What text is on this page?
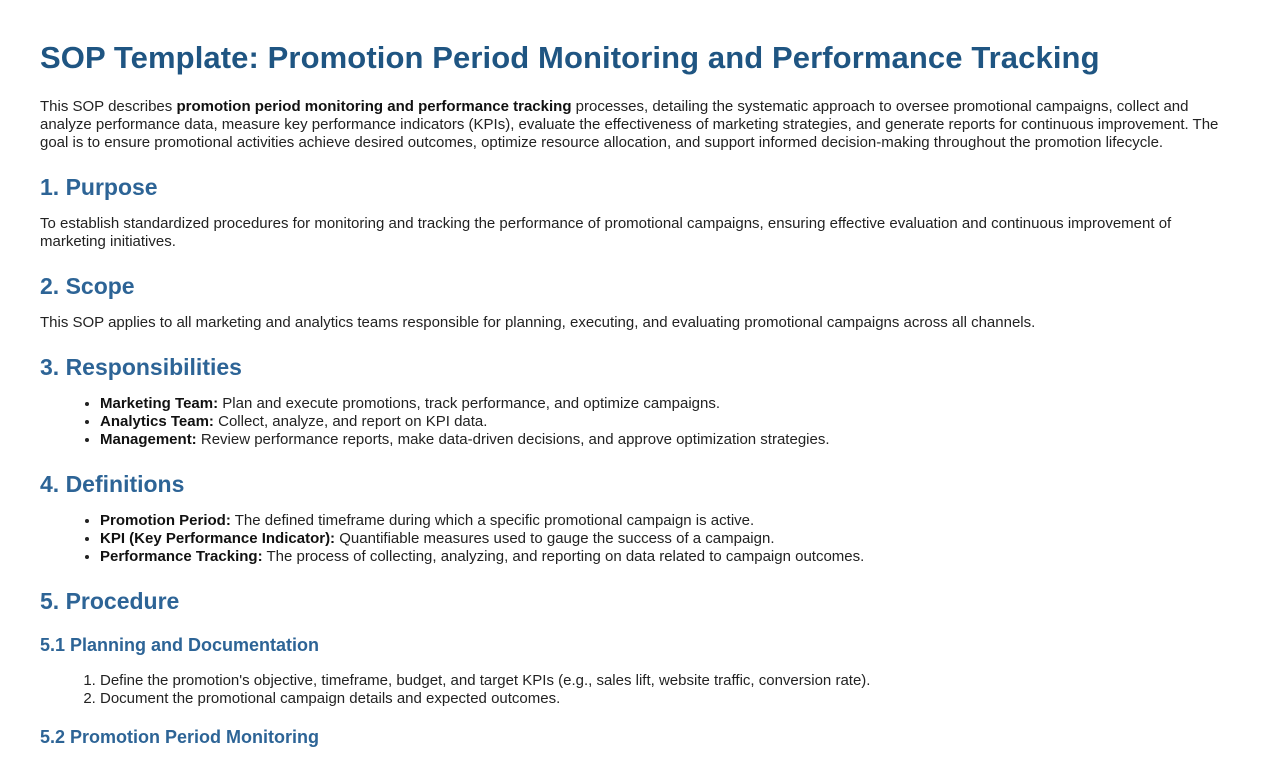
SOP Template: Promotion Period Monitoring and Performance Tracking

This SOP describes promotion period monitoring and performance tracking processes, detailing the systematic approach to oversee promotional campaigns, collect and analyze performance data, measure key performance indicators (KPIs), evaluate the effectiveness of marketing strategies, and generate reports for continuous improvement. The goal is to ensure promotional activities achieve desired outcomes, optimize resource allocation, and support informed decision-making throughout the promotion lifecycle.

1. Purpose

To establish standardized procedures for monitoring and tracking the performance of promotional campaigns, ensuring effective evaluation and continuous improvement of marketing initiatives.

2. Scope

This SOP applies to all marketing and analytics teams responsible for planning, executing, and evaluating promotional campaigns across all channels.

3. Responsibilities
• Marketing Team: Plan and execute promotions, track performance, and optimize campaigns.
• Analytics Team: Collect, analyze, and report on KPI data.
• Management: Review performance reports, make data-driven decisions, and approve optimization strategies.
4. Definitions
• Promotion Period: The defined timeframe during which a specific promotional campaign is active.
• KPI (Key Performance Indicator): Quantifiable measures used to gauge the success of a campaign.
• Performance Tracking: The process of collecting, analyzing, and reporting on data related to campaign outcomes.
5. Procedure
5.1 Planning and Documentation
1. Define the promotion's objective, timeframe, budget, and target KPIs (e.g., sales lift, website traffic, conversion rate).
2. Document the promotional campaign details and expected outcomes.
5.2 Promotion Period Monitoring
